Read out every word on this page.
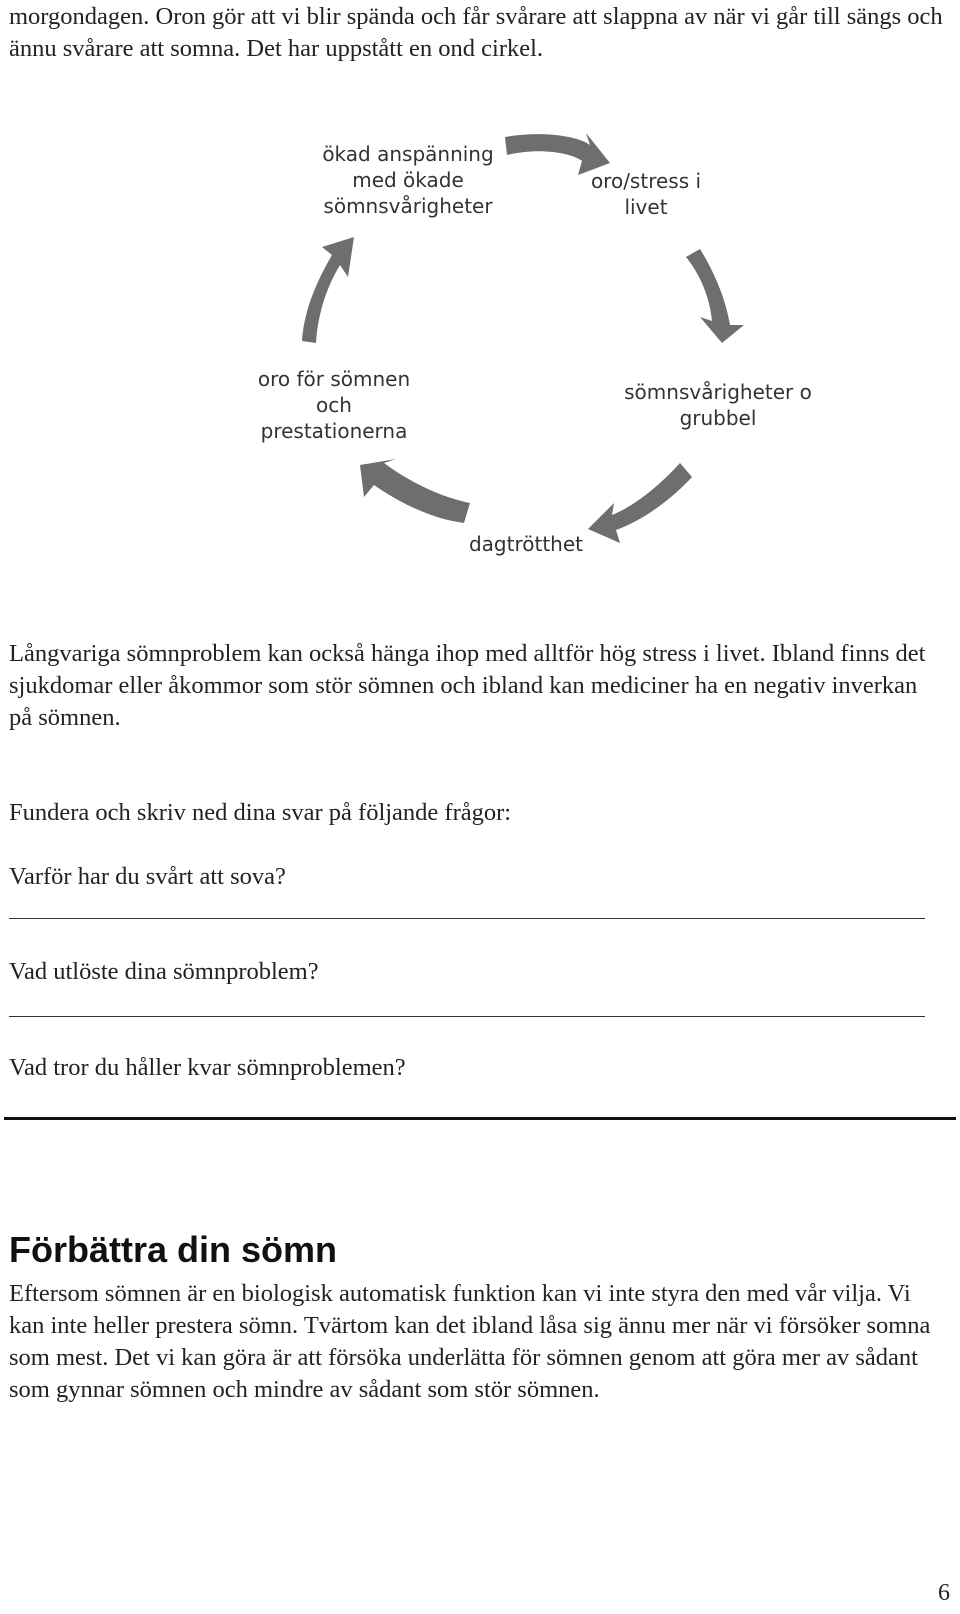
morgondagen. Oron gör att vi blir spända och får svårare att slappna av när vi går till sängs och ännu svårare att somna. Det har uppstått en ond cirkel.

ökad anspänning
med ökade
sömnsvårigheter
oro/stress i
livet
sömnsvårigheter o
grubbel
dagtrötthet
oro för sömnen
och
prestationerna

Långvariga sömnproblem kan också hänga ihop med alltför hög stress i livet. Ibland finns det sjukdomar eller åkommor som stör sömnen och ibland kan mediciner ha en negativ inverkan på sömnen.

Fundera och skriv ned dina svar på följande frågor:

Varför har du svårt att sova?

Vad utlöste dina sömnproblem?

Vad tror du håller kvar sömnproblemen?

Förbättra din sömn

Eftersom sömnen är en biologisk automatisk funktion kan vi inte styra den med vår vilja. Vi kan inte heller prestera sömn. Tvärtom kan det ibland låsa sig ännu mer när vi försöker somna som mest. Det vi kan göra är att försöka underlätta för sömnen genom att göra mer av sådant som gynnar sömnen och mindre av sådant som stör sömnen.

6
